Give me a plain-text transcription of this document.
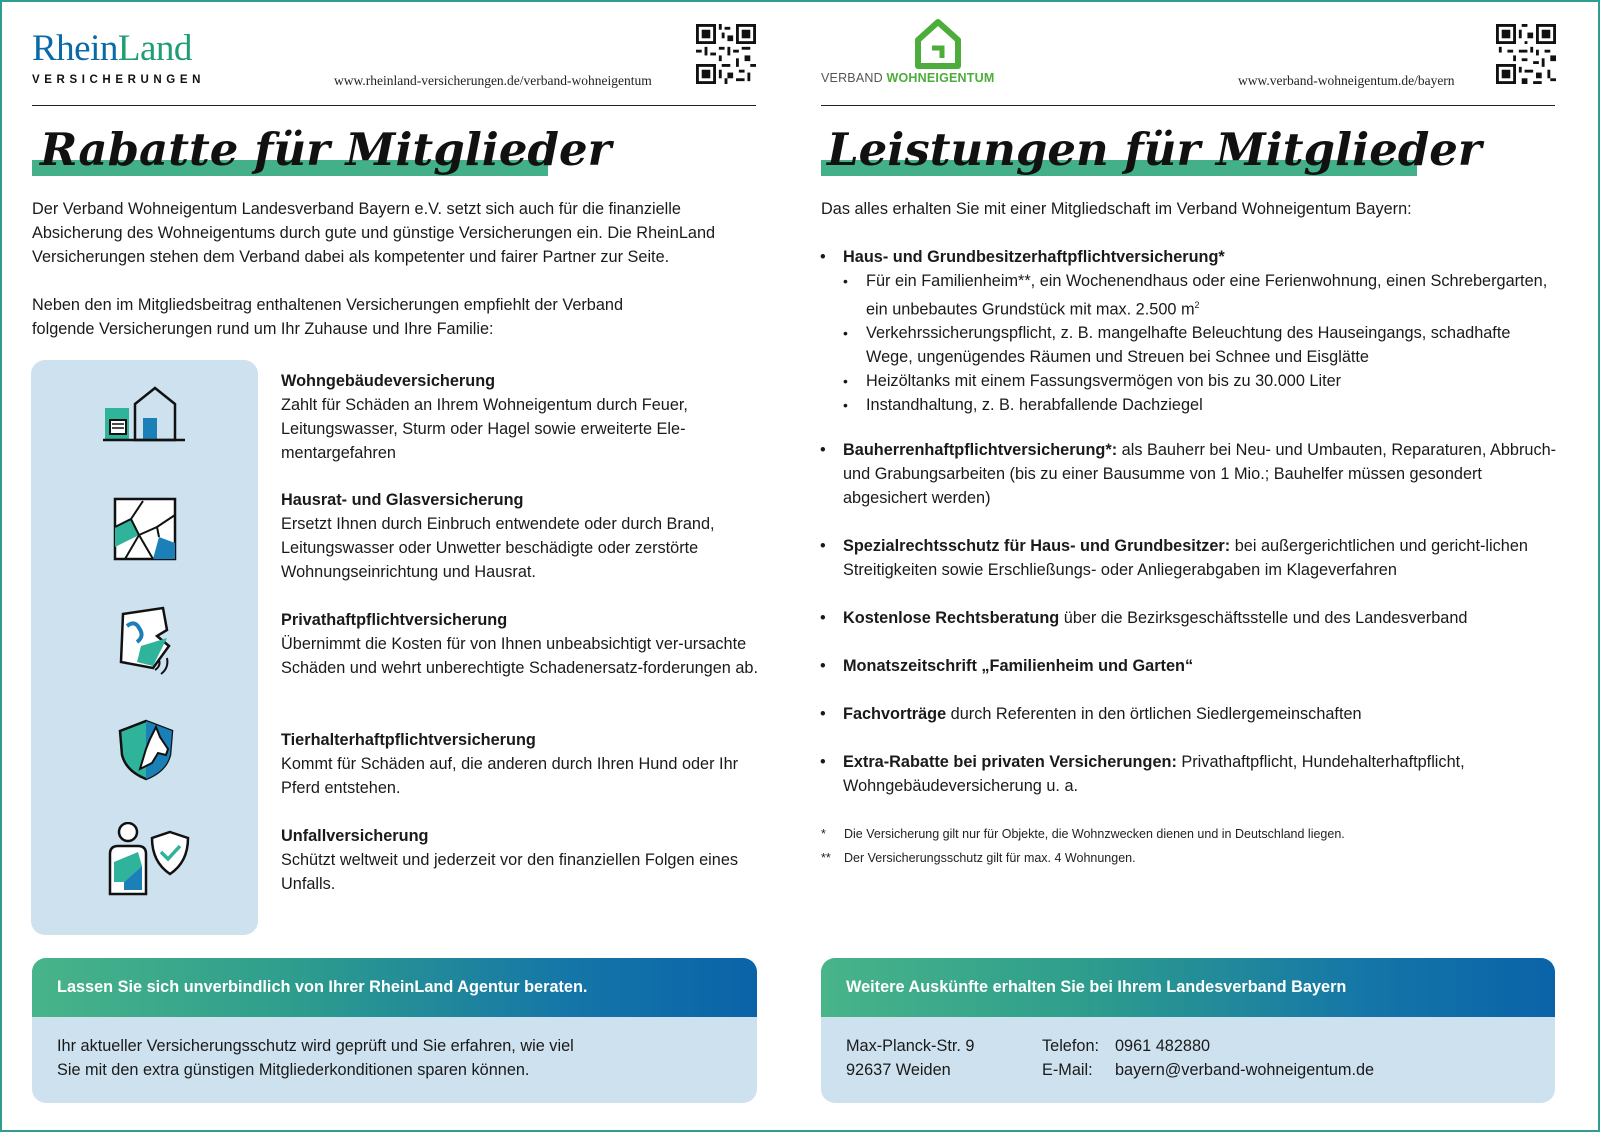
RheinLand
VERSICHERUNGEN	www.rheinland-versicherungen.de/verband-wohneigentum
Rabatte für Mitglieder
Der Verband Wohneigentum Landesverband Bayern e.V. setzt sich auch für die finanzielle Absicherung des Wohneigentums durch gute und günstige Versicherungen ein. Die RheinLand Versicherungen stehen dem Verband dabei als kompetenter und fairer Partner zur Seite.
Neben den im Mitgliedsbeitrag enthaltenen Versicherungen empfiehlt der Verband folgende Versicherungen rund um Ihr Zuhause und Ihre Familie:
Wohngebäudeversicherung
Zahlt für Schäden an Ihrem Wohneigentum durch Feuer, Leitungswasser, Sturm oder Hagel sowie erweiterte Ele-mentargefahren
Hausrat- und Glasversicherung
Ersetzt Ihnen durch Einbruch entwendete oder durch Brand, Leitungswasser oder Unwetter beschädigte oder zerstörte Wohnungseinrichtung und Hausrat.
Privathaftpflichtversicherung
Übernimmt die Kosten für von Ihnen unbeabsichtigt ver-ursachte Schäden und wehrt unberechtigte Schadenersatz-forderungen ab.
Tierhalterhaftpflichtversicherung
Kommt für Schäden auf, die anderen durch Ihren Hund oder Ihr Pferd entstehen.
Unfallversicherung
Schützt weltweit und jederzeit vor den finanziellen Folgen eines Unfalls.
Lassen Sie sich unverbindlich von Ihrer RheinLand Agentur beraten.
Ihr aktueller Versicherungsschutz wird geprüft und Sie erfahren, wie viel
Sie mit den extra günstigen Mitgliederkonditionen sparen können.
VERBAND WOHNEIGENTUM	www.verband-wohneigentum.de/bayern
Leistungen für Mitglieder
Das alles erhalten Sie mit einer Mitgliedschaft im Verband Wohneigentum Bayern:
• Haus- und Grundbesitzerhaftpflichtversicherung*
• Für ein Familienheim**, ein Wochenendhaus oder eine Ferienwohnung, einen Schrebergarten, ein unbebautes Grundstück mit max. 2.500 $m^2$
• Verkehrssicherungspflicht, z. B. mangelhafte Beleuchtung des Hauseingangs, schadhafte Wege, ungenügendes Räumen und Streuen bei Schnee und Eisglätte
• Heizöltanks mit einem Fassungsvermögen von bis zu 30.000 Liter
• Instandhaltung, z. B. herabfallende Dachziegel
• Bauherrenhaftpflichtversicherung*: als Bauherr bei Neu- und Umbauten, Reparaturen, Abbruch- und Grabungsarbeiten (bis zu einer Bausumme von 1 Mio.; Bauhelfer müssen gesondert abgesichert werden)
• Spezialrechtsschutz für Haus- und Grundbesitzer: bei außergerichtlichen und gericht-lichen Streitigkeiten sowie Erschließungs- oder Anliegerabgaben im Klageverfahren
• Kostenlose Rechtsberatung über die Bezirksgeschäftsstelle und des Landesverband
• Monatszeitschrift „Familienheim und Garten“
• Fachvorträge durch Referenten in den örtlichen Siedlergemeinschaften
• Extra-Rabatte bei privaten Versicherungen: Privathaftpflicht, Hundehalterhaftpflicht, Wohngebäudeversicherung u. a.
* Die Versicherung gilt nur für Objekte, die Wohnzwecken dienen und in Deutschland liegen.
** Der Versicherungsschutz gilt für max. 4 Wohnungen.
Weitere Auskünfte erhalten Sie bei Ihrem Landesverband Bayern
Max-Planck-Str. 9
92637 Weiden
Telefon:
E-Mail:
0961 482880
bayern@verband-wohneigentum.de
